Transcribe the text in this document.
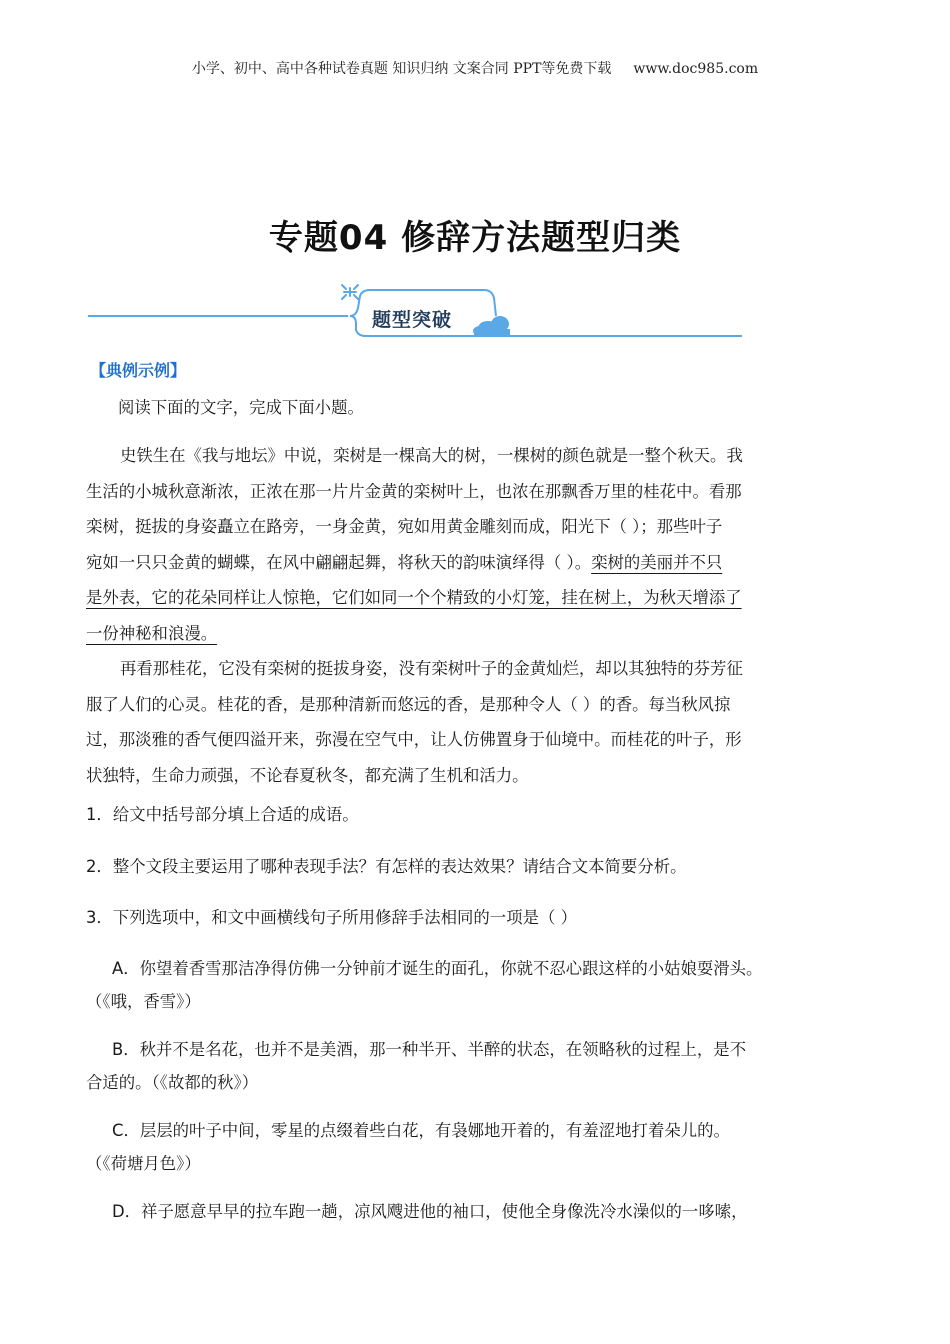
小学、初中、高中各种试卷真题 知识归纳 文案合同 PPT等免费下载 www.doc985.com
专题04 修辞方法题型归类
题型突破
【典例示例】
阅读下面的文字，完成下面小题。
史铁生在《我与地坛》中说，栾树是一棵高大的树，一棵树的颜色就是一整个秋天。我
生活的小城秋意渐浓，正浓在那一片片金黄的栾树叶上，也浓在那飘香万里的桂花中。看那
栾树，挺拔的身姿矗立在路旁，一身金黄，宛如用黄金雕刻而成，阳光下（ ）；那些叶子
宛如一只只金黄的蝴蝶，在风中翩翩起舞，将秋天的韵味演绎得（ ）。栾树的美丽并不只
是外表，它的花朵同样让人惊艳，它们如同一个个精致的小灯笼，挂在树上，为秋天增添了
一份神秘和浪漫。
再看那桂花，它没有栾树的挺拔身姿，没有栾树叶子的金黄灿烂，却以其独特的芬芳征
服了人们的心灵。桂花的香，是那种清新而悠远的香，是那种令人（ ）的香。每当秋风掠
过，那淡雅的香气便四溢开来，弥漫在空气中，让人仿佛置身于仙境中。而桂花的叶子，形
状独特，生命力顽强，不论春夏秋冬，都充满了生机和活力。
1．给文中括号部分填上合适的成语。
2．整个文段主要运用了哪种表现手法？有怎样的表达效果？请结合文本简要分析。
3．下列选项中，和文中画横线句子所用修辞手法相同的一项是（ ）
A．你望着香雪那洁净得仿佛一分钟前才诞生的面孔，你就不忍心跟这样的小姑娘耍滑头。
（《哦，香雪》）
B．秋并不是名花，也并不是美酒，那一种半开、半醉的状态，在领略秋的过程上，是不
合适的。（《故都的秋》）
C．层层的叶子中间，零星的点缀着些白花，有袅娜地开着的，有羞涩地打着朵儿的。
（《荷塘月色》）
D．祥子愿意早早的拉车跑一趟，凉风飕进他的袖口，使他全身像洗冷水澡似的一哆嗦，
